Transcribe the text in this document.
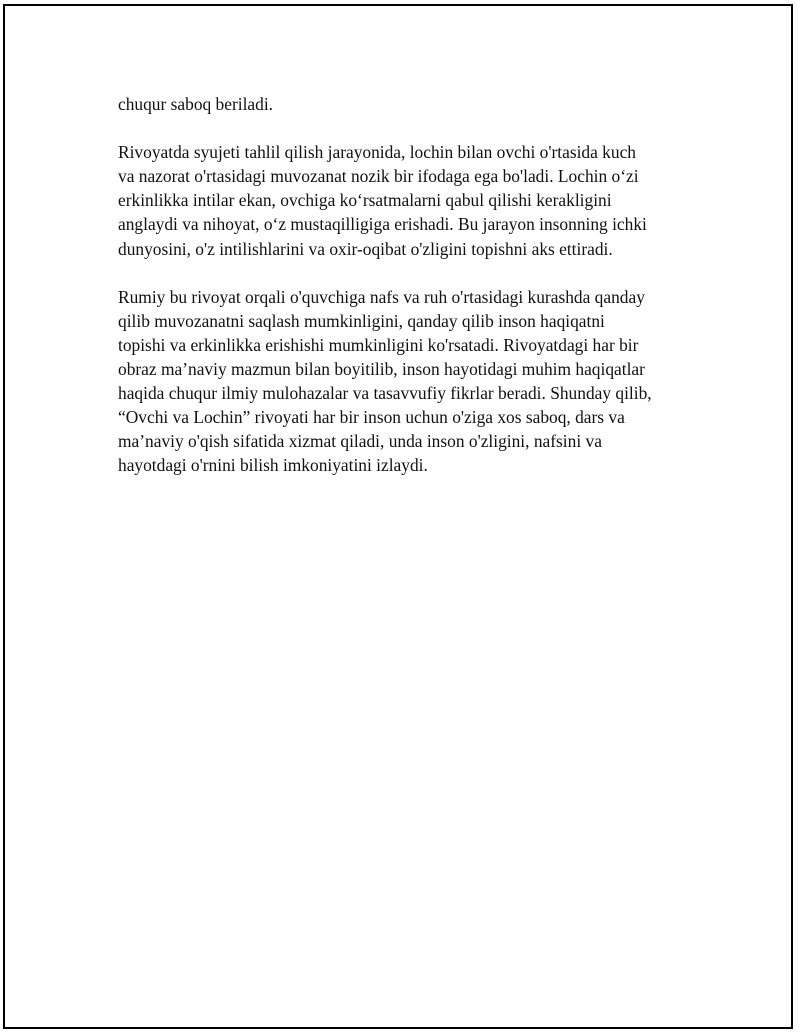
chuqur saboq beriladi.
Rivoyatda syujeti tahlil qilish jarayonida, lochin bilan ovchi o'rtasida kuch
va nazorat o'rtasidagi muvozanat nozik bir ifodaga ega bo'ladi. Lochin o‘zi
erkinlikka intilar ekan, ovchiga ko‘rsatmalarni qabul qilishi kerakligini
anglaydi va nihoyat, o‘z mustaqilligiga erishadi. Bu jarayon insonning ichki
dunyosini, o'z intilishlarini va oxir-oqibat o'zligini topishni aks ettiradi.
Rumiy bu rivoyat orqali o'quvchiga nafs va ruh o'rtasidagi kurashda qanday
qilib muvozanatni saqlash mumkinligini, qanday qilib inson haqiqatni
topishi va erkinlikka erishishi mumkinligini ko'rsatadi. Rivoyatdagi har bir
obraz ma’naviy mazmun bilan boyitilib, inson hayotidagi muhim haqiqatlar
haqida chuqur ilmiy mulohazalar va tasavvufiy fikrlar beradi. Shunday qilib,
“Ovchi va Lochin” rivoyati har bir inson uchun o'ziga xos saboq, dars va
ma’naviy o'qish sifatida xizmat qiladi, unda inson o'zligini, nafsini va
hayotdagi o'rnini bilish imkoniyatini izlaydi.
